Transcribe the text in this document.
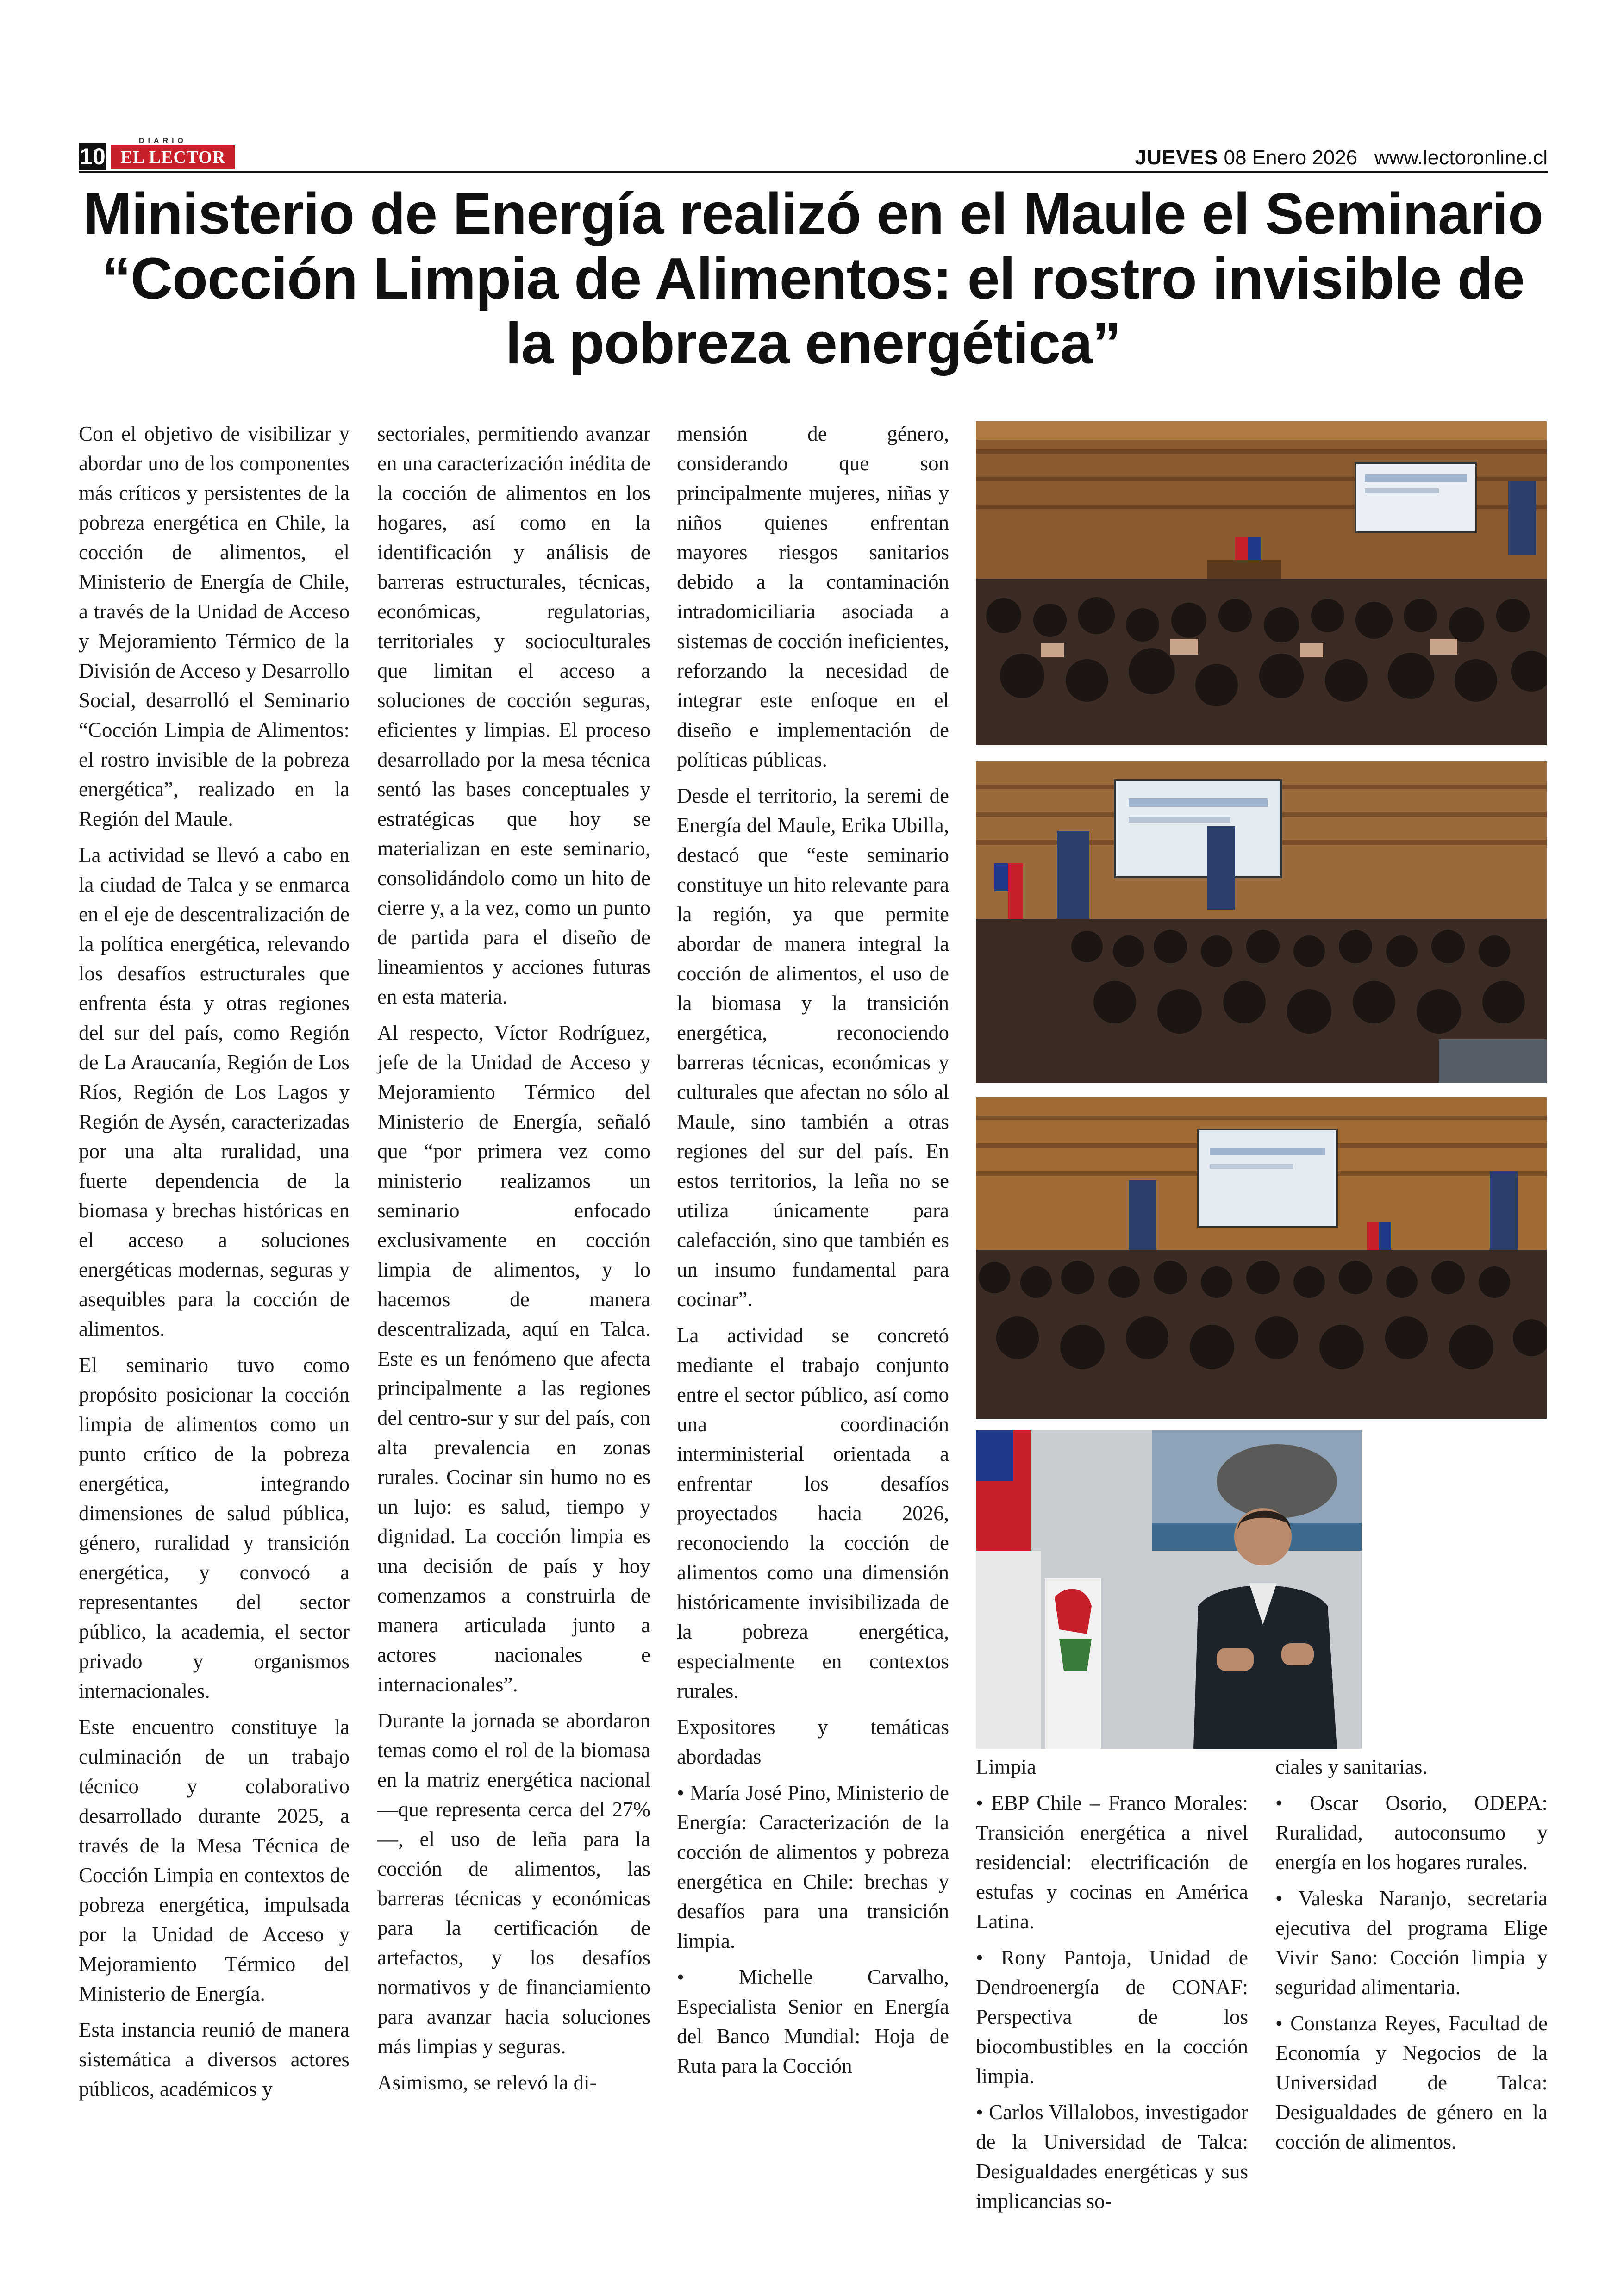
10
DIARIO
EL LECTOR	JUEVES 08 Enero 2026 www.lectoronline.cl
Ministerio de Energía realizó en el Maule el Seminario “Cocción Limpia de Alimentos: el rostro invisible de la pobreza energética”

Con el objetivo de visibilizar y abordar uno de los componentes más críticos y persistentes de la pobreza energética en Chile, la cocción de alimentos, el Ministerio de Energía de Chile, a través de la Unidad de Acceso y Mejoramiento Térmico de la División de Acceso y Desarrollo Social, desarrolló el Seminario “Cocción Limpia de Alimentos: el rostro invisible de la pobreza energética”, realizado en la Región del Maule.

La actividad se llevó a cabo en la ciudad de Talca y se enmarca en el eje de descentralización de la política energética, relevando los desafíos estructurales que enfrenta ésta y otras regiones del sur del país, como Región de La Araucanía, Región de Los Ríos, Región de Los Lagos y Región de Aysén, caracterizadas por una alta ruralidad, una fuerte dependencia de la biomasa y brechas históricas en el acceso a soluciones energéticas modernas, seguras y asequibles para la cocción de alimentos.

El seminario tuvo como propósito posicionar la cocción limpia de alimentos como un punto crítico de la pobreza energética, integrando dimensiones de salud pública, género, ruralidad y transición energética, y convocó a representantes del sector público, la academia, el sector privado y organismos internacionales.

Este encuentro constituye la culminación de un trabajo técnico y colaborativo desarrollado durante 2025, a través de la Mesa Técnica de Cocción Limpia en contextos de pobreza energética, impulsada por la Unidad de Acceso y Mejoramiento Térmico del Ministerio de Energía.

Esta instancia reunió de manera sistemática a diversos actores públicos, académicos y

sectoriales, permitiendo avanzar en una caracterización inédita de la cocción de alimentos en los hogares, así como en la identificación y análisis de barreras estructurales, técnicas, económicas, regulatorias, territoriales y socioculturales que limitan el acceso a soluciones de cocción seguras, eficientes y limpias. El proceso desarrollado por la mesa técnica sentó las bases conceptuales y estratégicas que hoy se materializan en este seminario, consolidándolo como un hito de cierre y, a la vez, como un punto de partida para el diseño de lineamientos y acciones futuras en esta materia.

Al respecto, Víctor Rodríguez, jefe de la Unidad de Acceso y Mejoramiento Térmico del Ministerio de Energía, señaló que “por primera vez como ministerio realizamos un seminario enfocado exclusivamente en cocción limpia de alimentos, y lo hacemos de manera descentralizada, aquí en Talca. Este es un fenómeno que afecta principalmente a las regiones del centro-sur y sur del país, con alta prevalencia en zonas rurales. Cocinar sin humo no es un lujo: es salud, tiempo y dignidad. La cocción limpia es una decisión de país y hoy comenzamos a construirla de manera articulada junto a actores nacionales e internacionales”.

Durante la jornada se abordaron temas como el rol de la biomasa en la matriz energética nacional —que representa cerca del 27%—, el uso de leña para la cocción de alimentos, las barreras técnicas y económicas para la certificación de artefactos, y los desafíos normativos y de financiamiento para avanzar hacia soluciones más limpias y seguras.

Asimismo, se relevó la di-

mensión de género, considerando que son principalmente mujeres, niñas y niños quienes enfrentan mayores riesgos sanitarios debido a la contaminación intradomiciliaria asociada a sistemas de cocción ineficientes, reforzando la necesidad de integrar este enfoque en el diseño e implementación de políticas públicas.

Desde el territorio, la seremi de Energía del Maule, Erika Ubilla, destacó que “este seminario constituye un hito relevante para la región, ya que permite abordar de manera integral la cocción de alimentos, el uso de la biomasa y la transición energética, reconociendo barreras técnicas, económicas y culturales que afectan no sólo al Maule, sino también a otras regiones del sur del país. En estos territorios, la leña no se utiliza únicamente para calefacción, sino que también es un insumo fundamental para cocinar”.

La actividad se concretó mediante el trabajo conjunto entre el sector público, así como una coordinación interministerial orientada a enfrentar los desafíos proyectados hacia 2026, reconociendo la cocción de alimentos como una dimensión históricamente invisibilizada de la pobreza energética, especialmente en contextos rurales.

Expositores y temáticas abordadas

• María José Pino, Ministerio de Energía: Caracterización de la cocción de alimentos y pobreza energética en Chile: brechas y desafíos para una transición limpia.

• Michelle Carvalho, Especialista Senior en Energía del Banco Mundial: Hoja de Ruta para la Cocción

Limpia

• EBP Chile – Franco Morales: Transición energética a nivel residencial: electrificación de estufas y cocinas en América Latina.

• Rony Pantoja, Unidad de Dendroenergía de CONAF: Perspectiva de los biocombustibles en la cocción limpia.

• Carlos Villalobos, investigador de la Universidad de Talca: Desigualdades energéticas y sus implicancias so-

ciales y sanitarias.

• Oscar Osorio, ODEPA: Ruralidad, autoconsumo y energía en los hogares rurales.

• Valeska Naranjo, secretaria ejecutiva del programa Elige Vivir Sano: Cocción limpia y seguridad alimentaria.

• Constanza Reyes, Facultad de Economía y Negocios de la Universidad de Talca: Desigualdades de género en la cocción de alimentos.
